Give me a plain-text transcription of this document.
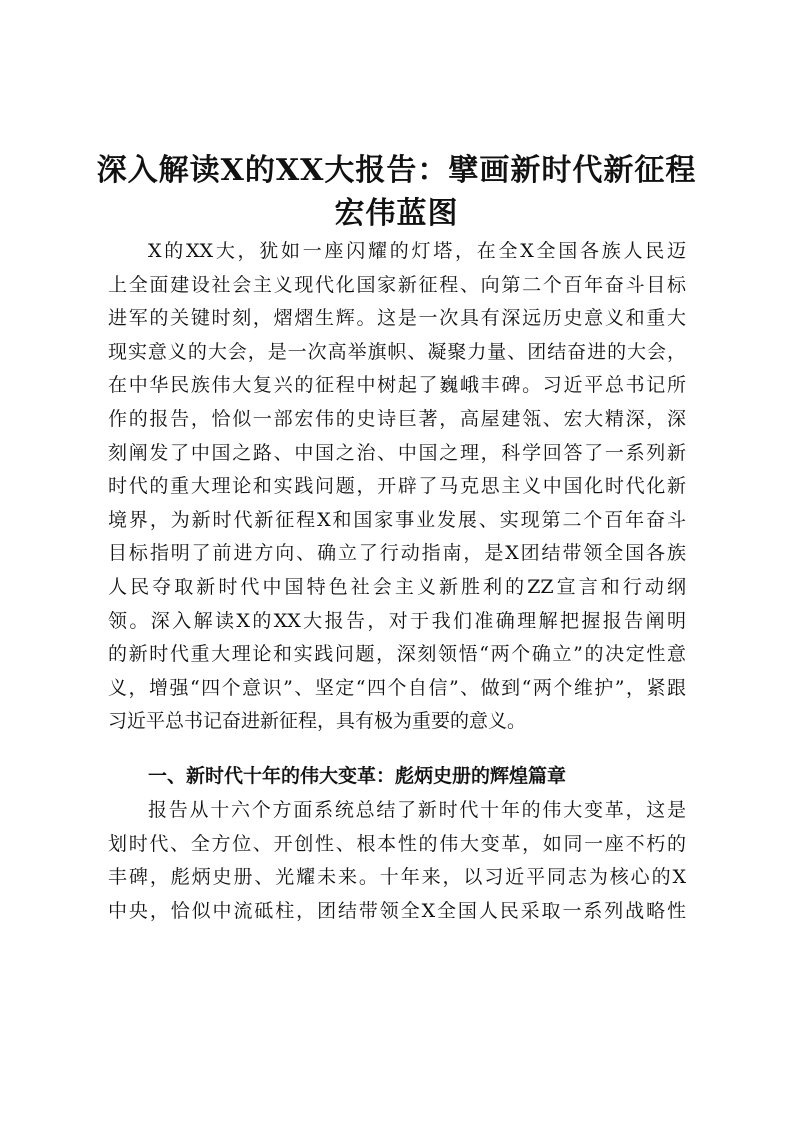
深入解读X的XX大报告：擘画新时代新征程
宏伟蓝图
X的XX大，犹如一座闪耀的灯塔，在全X全国各族人民迈
上全面建设社会主义现代化国家新征程、向第二个百年奋斗目标
进军的关键时刻，熠熠生辉。这是一次具有深远历史意义和重大
现实意义的大会，是一次高举旗帜、凝聚力量、团结奋进的大会，
在中华民族伟大复兴的征程中树起了巍峨丰碑。习近平总书记所
作的报告，恰似一部宏伟的史诗巨著，高屋建瓴、宏大精深，深
刻阐发了中国之路、中国之治、中国之理，科学回答了一系列新
时代的重大理论和实践问题，开辟了马克思主义中国化时代化新
境界，为新时代新征程X和国家事业发展、实现第二个百年奋斗
目标指明了前进方向、确立了行动指南，是X团结带领全国各族
人民夺取新时代中国特色社会主义新胜利的ZZ宣言和行动纲
领。深入解读X的XX大报告，对于我们准确理解把握报告阐明
的新时代重大理论和实践问题，深刻领悟“两个确立”的决定性意
义，增强“四个意识”、坚定“四个自信”、做到“两个维护”，紧跟
习近平总书记奋进新征程，具有极为重要的意义。
一、新时代十年的伟大变革：彪炳史册的辉煌篇章
报告从十六个方面系统总结了新时代十年的伟大变革，这是
划时代、全方位、开创性、根本性的伟大变革，如同一座不朽的
丰碑，彪炳史册、光耀未来。十年来，以习近平同志为核心的X
中央，恰似中流砥柱，团结带领全X全国人民采取一系列战略性
